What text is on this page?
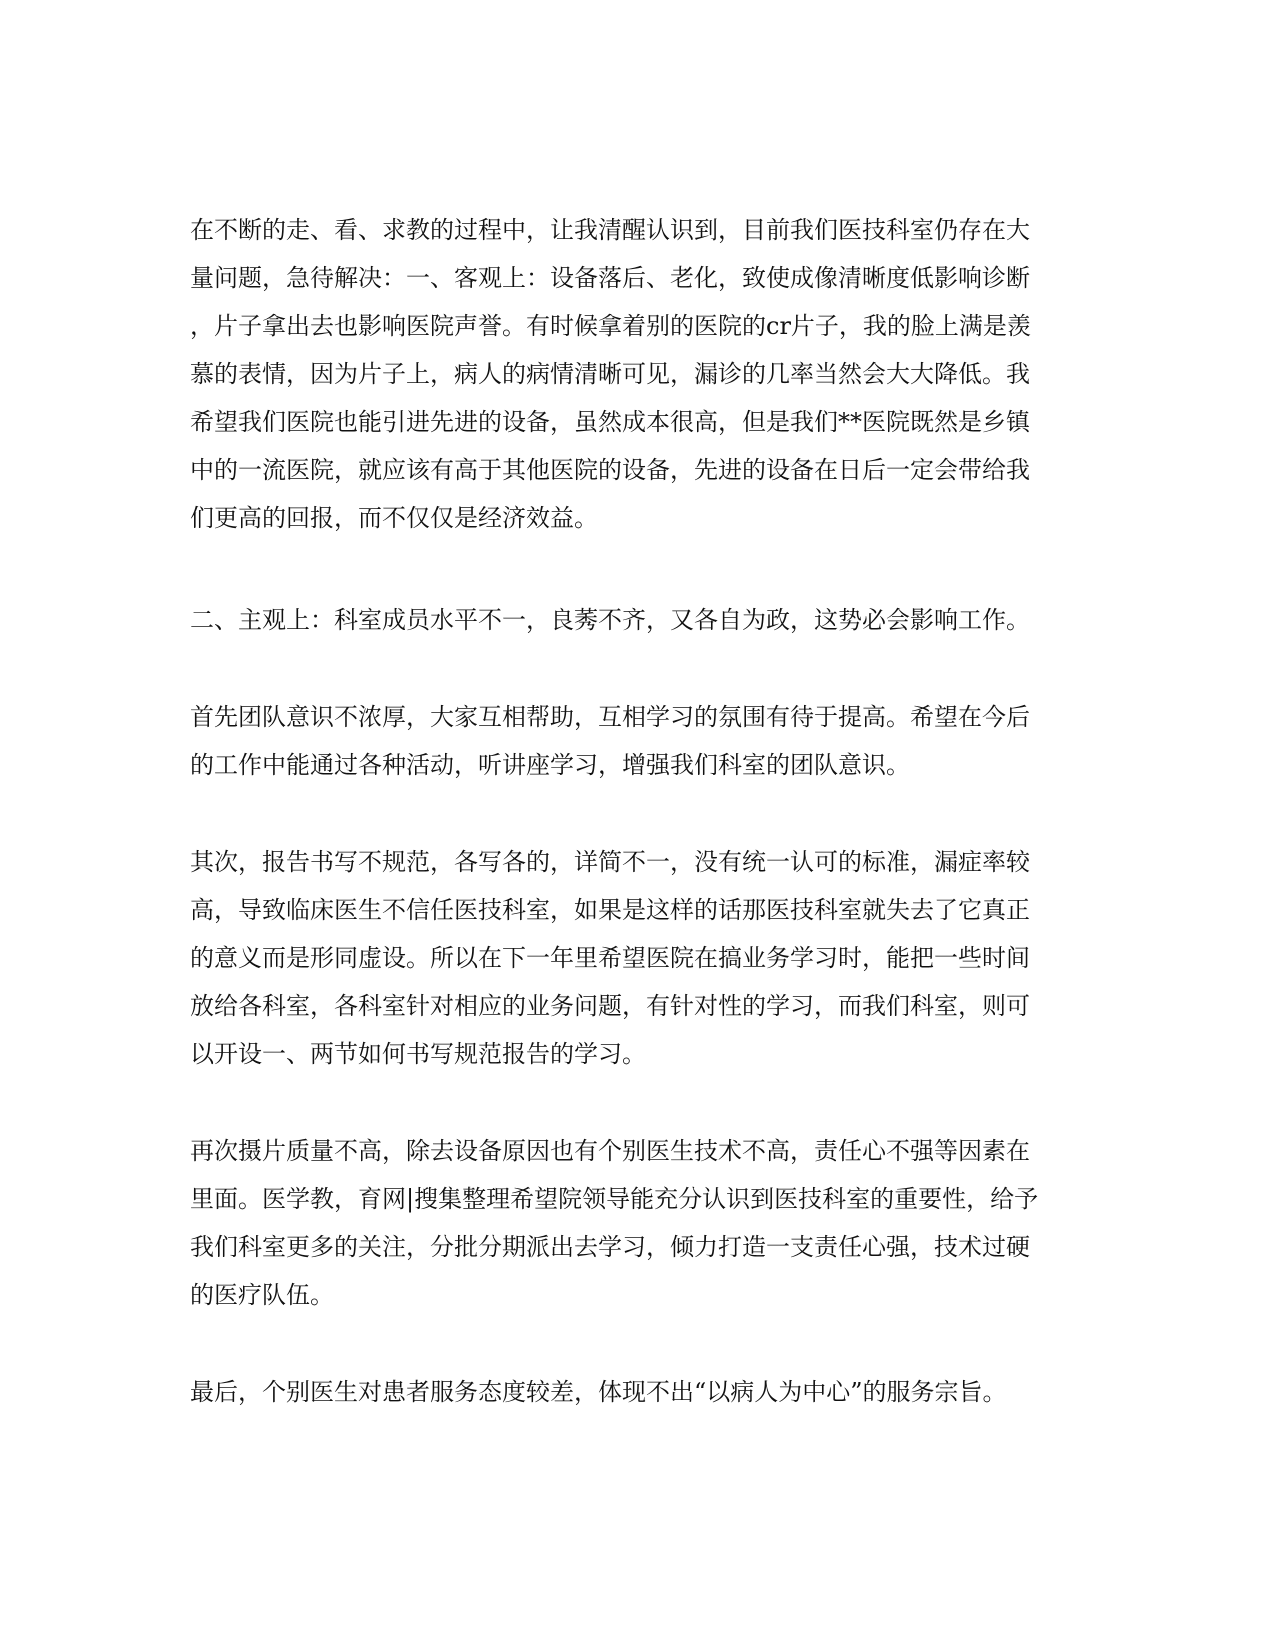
在不断的走、看、求教的过程中，让我清醒认识到，目前我们医技科室仍存在大
量问题，急待解决：一、客观上：设备落后、老化，致使成像清晰度低影响诊断
，片子拿出去也影响医院声誉。有时候拿着别的医院的cr片子，我的脸上满是羡
慕的表情，因为片子上，病人的病情清晰可见，漏诊的几率当然会大大降低。我
希望我们医院也能引进先进的设备，虽然成本很高，但是我们**医院既然是乡镇
中的一流医院，就应该有高于其他医院的设备，先进的设备在日后一定会带给我
们更高的回报，而不仅仅是经济效益。
二、主观上：科室成员水平不一，良莠不齐，又各自为政，这势必会影响工作。
首先团队意识不浓厚，大家互相帮助，互相学习的氛围有待于提高。希望在今后
的工作中能通过各种活动，听讲座学习，增强我们科室的团队意识。
其次，报告书写不规范，各写各的，详简不一，没有统一认可的标准，漏症率较
高，导致临床医生不信任医技科室，如果是这样的话那医技科室就失去了它真正
的意义而是形同虚设。所以在下一年里希望医院在搞业务学习时，能把一些时间
放给各科室，各科室针对相应的业务问题，有针对性的学习，而我们科室，则可
以开设一、两节如何书写规范报告的学习。
再次摄片质量不高，除去设备原因也有个别医生技术不高，责任心不强等因素在
里面。医学教，育网|搜集整理希望院领导能充分认识到医技科室的重要性，给予
我们科室更多的关注，分批分期派出去学习，倾力打造一支责任心强，技术过硬
的医疗队伍。
最后，个别医生对患者服务态度较差，体现不出“以病人为中心”的服务宗旨。
